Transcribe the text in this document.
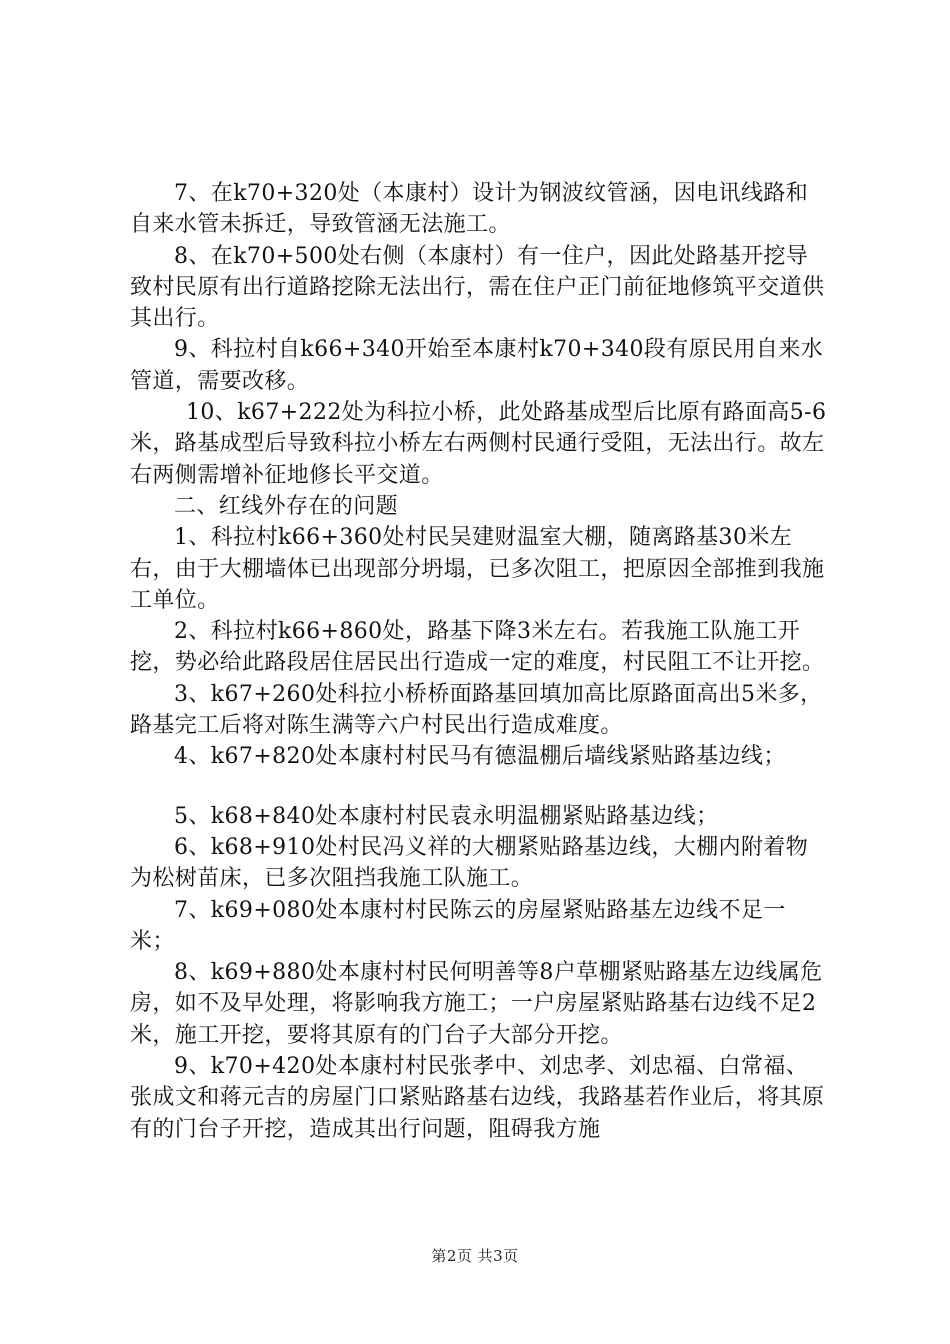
7、在k70+320处（本康村）设计为钢波纹管涵，因电讯线路和自来水管未拆迁，导致管涵无法施工。

8、在k70+500处右侧（本康村）有一住户，因此处路基开挖导致村民原有出行道路挖除无法出行，需在住户正门前征地修筑平交道供其出行。

9、科拉村自k66+340开始至本康村k70+340段有原民用自来水管道，需要改移。

10、k67+222处为科拉小桥，此处路基成型后比原有路面高5-6米，路基成型后导致科拉小桥左右两侧村民通行受阻，无法出行。故左右两侧需增补征地修长平交道。

二、红线外存在的问题

1、科拉村k66+360处村民吴建财温室大棚，随离路基30米左右，由于大棚墙体已出现部分坍塌，已多次阻工，把原因全部推到我施工单位。

2、科拉村k66+860处，路基下降3米左右。若我施工队施工开挖，势必给此路段居住居民出行造成一定的难度，村民阻工不让开挖。

3、k67+260处科拉小桥桥面路基回填加高比原路面高出5米多，路基完工后将对陈生满等六户村民出行造成难度。

4、k67+820处本康村村民马有德温棚后墙线紧贴路基边线；

5、k68+840处本康村村民袁永明温棚紧贴路基边线；

6、k68+910处村民冯义祥的大棚紧贴路基边线，大棚内附着物为松树苗床，已多次阻挡我施工队施工。

7、k69+080处本康村村民陈云的房屋紧贴路基左边线不足一米；

8、k69+880处本康村村民何明善等8户草棚紧贴路基左边线属危房，如不及早处理，将影响我方施工；一户房屋紧贴路基右边线不足2米，施工开挖，要将其原有的门台子大部分开挖。

9、k70+420处本康村村民张孝中、刘忠孝、刘忠福、白常福、张成文和蒋元吉的房屋门口紧贴路基右边线，我路基若作业后，将其原有的门台子开挖，造成其出行问题，阻碍我方施

第2页 共3页
